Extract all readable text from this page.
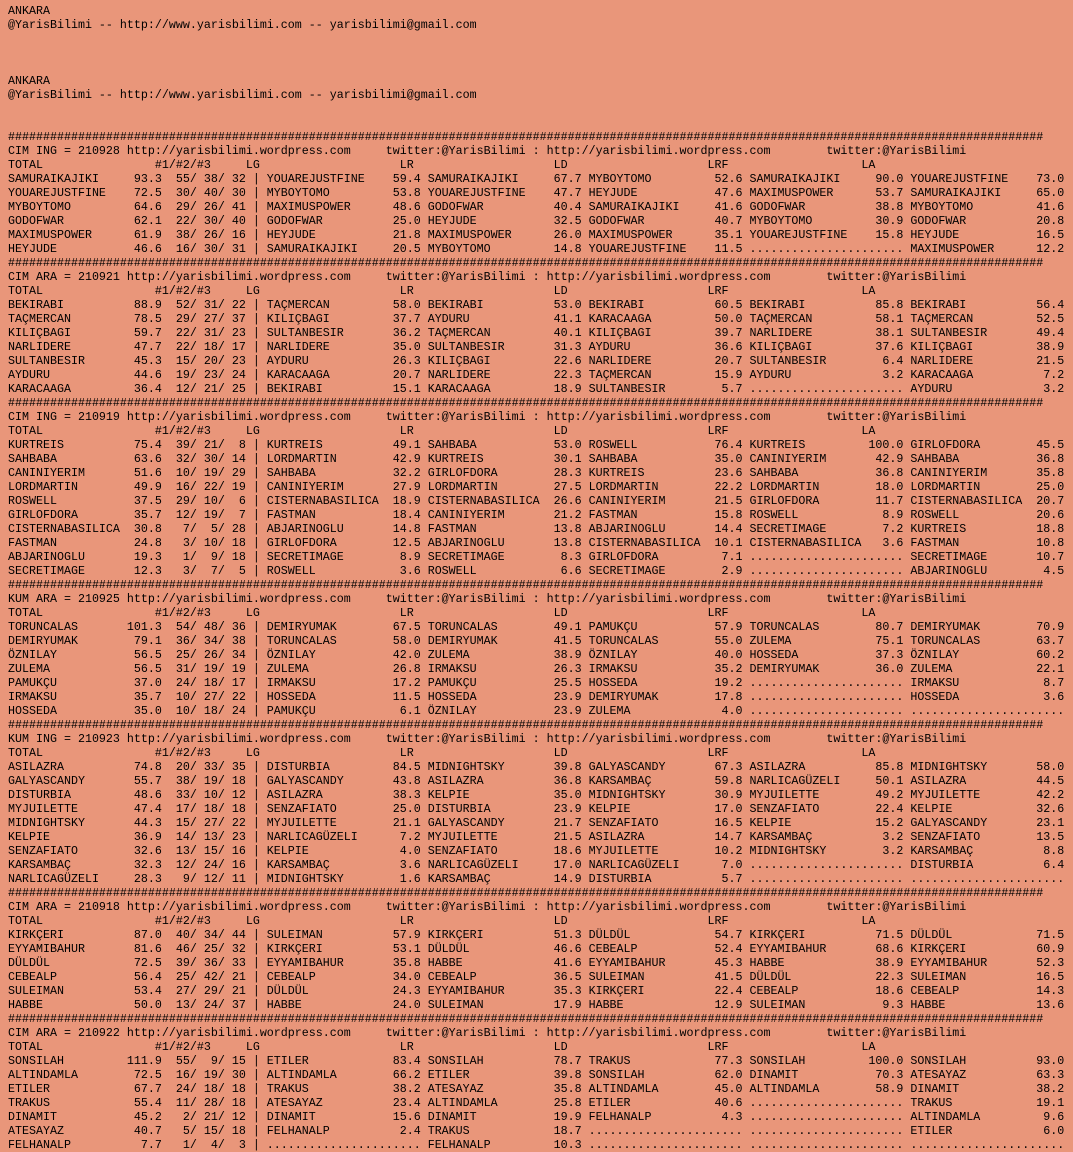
ANKARA
@YarisBilimi -- http://www.yarisbilimi.com -- yarisbilimi@gmail.com

ANKARA
@YarisBilimi -- http://www.yarisbilimi.com -- yarisbilimi@gmail.com

####################################################################################################################################################
CIM ING = 210928 http://yarisbilimi.wordpress.com     twitter:@YarisBilimi : http://yarisbilimi.wordpress.com        twitter:@YarisBilimi
TOTAL                #1/#2/#3     LG                    LR                    LD                    LRF                   LA
SAMURAIKAJIKI     93.3  55/ 38/ 32 | YOUAREJUSTFINE    59.4 SAMURAIKAJIKI     67.7 MYBOYTOMO         52.6 SAMURAIKAJIKI     90.0 YOUAREJUSTFINE    73.0
YOUAREJUSTFINE    72.5  30/ 40/ 30 | MYBOYTOMO         53.8 YOUAREJUSTFINE    47.7 HEYJUDE           47.6 MAXIMUSPOWER      53.7 SAMURAIKAJIKI     65.0
MYBOYTOMO         64.6  29/ 26/ 41 | MAXIMUSPOWER      48.6 GODOFWAR          40.4 SAMURAIKAJIKI     41.6 GODOFWAR          38.8 MYBOYTOMO         41.6
GODOFWAR          62.1  22/ 30/ 40 | GODOFWAR          25.0 HEYJUDE           32.5 GODOFWAR          40.7 MYBOYTOMO         30.9 GODOFWAR          20.8
MAXIMUSPOWER      61.9  38/ 26/ 16 | HEYJUDE           21.8 MAXIMUSPOWER      26.0 MAXIMUSPOWER      35.1 YOUAREJUSTFINE    15.8 HEYJUDE           16.5
HEYJUDE           46.6  16/ 30/ 31 | SAMURAIKAJIKI     20.5 MYBOYTOMO         14.8 YOUAREJUSTFINE    11.5 ...................... MAXIMUSPOWER      12.2
####################################################################################################################################################
CIM ARA = 210921 http://yarisbilimi.wordpress.com     twitter:@YarisBilimi : http://yarisbilimi.wordpress.com        twitter:@YarisBilimi
TOTAL                #1/#2/#3     LG                    LR                    LD                    LRF                   LA
BEKIRABI          88.9  52/ 31/ 22 | TAÇMERCAN         58.0 BEKIRABI          53.0 BEKIRABI          60.5 BEKIRABI          85.8 BEKIRABI          56.4
TAÇMERCAN         78.5  29/ 27/ 37 | KILIÇBAGI         37.7 AYDURU            41.1 KARACAAGA         50.0 TAÇMERCAN         58.1 TAÇMERCAN         52.5
KILIÇBAGI         59.7  22/ 31/ 23 | SULTANBESIR       36.2 TAÇMERCAN         40.1 KILIÇBAGI         39.7 NARLIDERE         38.1 SULTANBESIR       49.4
NARLIDERE         47.7  22/ 18/ 17 | NARLIDERE         35.0 SULTANBESIR       31.3 AYDURU            36.6 KILIÇBAGI         37.6 KILIÇBAGI         38.9
SULTANBESIR       45.3  15/ 20/ 23 | AYDURU            26.3 KILIÇBAGI         22.6 NARLIDERE         20.7 SULTANBESIR        6.4 NARLIDERE         21.5
AYDURU            44.6  19/ 23/ 24 | KARACAAGA         20.7 NARLIDERE         22.3 TAÇMERCAN         15.9 AYDURU             3.2 KARACAAGA          7.2
KARACAAGA         36.4  12/ 21/ 25 | BEKIRABI          15.1 KARACAAGA         18.9 SULTANBESIR        5.7 ...................... AYDURU             3.2
####################################################################################################################################################
CIM ING = 210919 http://yarisbilimi.wordpress.com     twitter:@YarisBilimi : http://yarisbilimi.wordpress.com        twitter:@YarisBilimi
TOTAL                #1/#2/#3     LG                    LR                    LD                    LRF                   LA
KURTREIS          75.4  39/ 21/  8 | KURTREIS          49.1 SAHBABA           53.0 ROSWELL           76.4 KURTREIS         100.0 GIRLOFDORA        45.5
SAHBABA           63.6  32/ 30/ 14 | LORDMARTIN        42.9 KURTREIS          30.1 SAHBABA           35.0 CANINIYERIM       42.9 SAHBABA           36.8
CANINIYERIM       51.6  10/ 19/ 29 | SAHBABA           32.2 GIRLOFDORA        28.3 KURTREIS          23.6 SAHBABA           36.8 CANINIYERIM       35.8
LORDMARTIN        49.9  16/ 22/ 19 | CANINIYERIM       27.9 LORDMARTIN        27.5 LORDMARTIN        22.2 LORDMARTIN        18.0 LORDMARTIN        25.0
ROSWELL           37.5  29/ 10/  6 | CISTERNABASILICA  18.9 CISTERNABASILICA  26.6 CANINIYERIM       21.5 GIRLOFDORA        11.7 CISTERNABASILICA  20.7
GIRLOFDORA        35.7  12/ 19/  7 | FASTMAN           18.4 CANINIYERIM       21.2 FASTMAN           15.8 ROSWELL            8.9 ROSWELL           20.6
CISTERNABASILICA  30.8   7/  5/ 28 | ABJARINOGLU       14.8 FASTMAN           13.8 ABJARINOGLU       14.4 SECRETIMAGE        7.2 KURTREIS          18.8
FASTMAN           24.8   3/ 10/ 18 | GIRLOFDORA        12.5 ABJARINOGLU       13.8 CISTERNABASILICA  10.1 CISTERNABASILICA   3.6 FASTMAN           10.8
ABJARINOGLU       19.3   1/  9/ 18 | SECRETIMAGE        8.9 SECRETIMAGE        8.3 GIRLOFDORA         7.1 ...................... SECRETIMAGE       10.7
SECRETIMAGE       12.3   3/  7/  5 | ROSWELL            3.6 ROSWELL            6.6 SECRETIMAGE        2.9 ...................... ABJARINOGLU        4.5
####################################################################################################################################################
KUM ARA = 210925 http://yarisbilimi.wordpress.com     twitter:@YarisBilimi : http://yarisbilimi.wordpress.com        twitter:@YarisBilimi
TOTAL                #1/#2/#3     LG                    LR                    LD                    LRF                   LA
TORUNCALAS       101.3  54/ 48/ 36 | DEMIRYUMAK        67.5 TORUNCALAS        49.1 PAMUKÇU           57.9 TORUNCALAS        80.7 DEMIRYUMAK        70.9
DEMIRYUMAK        79.1  36/ 34/ 38 | TORUNCALAS        58.0 DEMIRYUMAK        41.5 TORUNCALAS        55.0 ZULEMA            75.1 TORUNCALAS        63.7
ÖZNILAY           56.5  25/ 26/ 34 | ÖZNILAY           42.0 ZULEMA            38.9 ÖZNILAY           40.0 HOSSEDA           37.3 ÖZNILAY           60.2
ZULEMA            56.5  31/ 19/ 19 | ZULEMA            26.8 IRMAKSU           26.3 IRMAKSU           35.2 DEMIRYUMAK        36.0 ZULEMA            22.1
PAMUKÇU           37.0  24/ 18/ 17 | IRMAKSU           17.2 PAMUKÇU           25.5 HOSSEDA           19.2 ...................... IRMAKSU            8.7
IRMAKSU           35.7  10/ 27/ 22 | HOSSEDA           11.5 HOSSEDA           23.9 DEMIRYUMAK        17.8 ...................... HOSSEDA            3.6
HOSSEDA           35.0  10/ 18/ 24 | PAMUKÇU            6.1 ÖZNILAY           23.9 ZULEMA             4.0 ...................... ......................
####################################################################################################################################################
KUM ING = 210923 http://yarisbilimi.wordpress.com     twitter:@YarisBilimi : http://yarisbilimi.wordpress.com        twitter:@YarisBilimi
TOTAL                #1/#2/#3     LG                    LR                    LD                    LRF                   LA
ASILAZRA          74.8  20/ 33/ 35 | DISTURBIA         84.5 MIDNIGHTSKY       39.8 GALYASCANDY       67.3 ASILAZRA          85.8 MIDNIGHTSKY       58.0
GALYASCANDY       55.7  38/ 19/ 18 | GALYASCANDY       43.8 ASILAZRA          36.8 KARSAMBAÇ         59.8 NARLICAGÜZELI     50.1 ASILAZRA          44.5
DISTURBIA         48.6  33/ 10/ 12 | ASILAZRA          38.3 KELPIE            35.0 MIDNIGHTSKY       30.9 MYJUILETTE        49.2 MYJUILETTE        42.2
MYJUILETTE        47.4  17/ 18/ 18 | SENZAFIATO        25.0 DISTURBIA         23.9 KELPIE            17.0 SENZAFIATO        22.4 KELPIE            32.6
MIDNIGHTSKY       44.3  15/ 27/ 22 | MYJUILETTE        21.1 GALYASCANDY       21.7 SENZAFIATO        16.5 KELPIE            15.2 GALYASCANDY       23.1
KELPIE            36.9  14/ 13/ 23 | NARLICAGÜZELI      7.2 MYJUILETTE        21.5 ASILAZRA          14.7 KARSAMBAÇ          3.2 SENZAFIATO        13.5
SENZAFIATO        32.6  13/ 15/ 16 | KELPIE             4.0 SENZAFIATO        18.6 MYJUILETTE        10.2 MIDNIGHTSKY        3.2 KARSAMBAÇ          8.8
KARSAMBAÇ         32.3  12/ 24/ 16 | KARSAMBAÇ          3.6 NARLICAGÜZELI     17.0 NARLICAGÜZELI      7.0 ...................... DISTURBIA          6.4
NARLICAGÜZELI     28.3   9/ 12/ 11 | MIDNIGHTSKY        1.6 KARSAMBAÇ         14.9 DISTURBIA          5.7 ...................... ......................
####################################################################################################################################################
CIM ARA = 210918 http://yarisbilimi.wordpress.com     twitter:@YarisBilimi : http://yarisbilimi.wordpress.com        twitter:@YarisBilimi
TOTAL                #1/#2/#3     LG                    LR                    LD                    LRF                   LA
KIRKÇERI          87.0  40/ 34/ 44 | SULEIMAN          57.9 KIRKÇERI          51.3 DÜLDÜL            54.7 KIRKÇERI          71.5 DÜLDÜL            71.5
EYYAMIBAHUR       81.6  46/ 25/ 32 | KIRKÇERI          53.1 DÜLDÜL            46.6 CEBEALP           52.4 EYYAMIBAHUR       68.6 KIRKÇERI          60.9
DÜLDÜL            72.5  39/ 36/ 33 | EYYAMIBAHUR       35.8 HABBE             41.6 EYYAMIBAHUR       45.3 HABBE             38.9 EYYAMIBAHUR       52.3
CEBEALP           56.4  25/ 42/ 21 | CEBEALP           34.0 CEBEALP           36.5 SULEIMAN          41.5 DÜLDÜL            22.3 SULEIMAN          16.5
SULEIMAN          53.4  27/ 29/ 21 | DÜLDÜL            24.3 EYYAMIBAHUR       35.3 KIRKÇERI          22.4 CEBEALP           18.6 CEBEALP           14.3
HABBE             50.0  13/ 24/ 37 | HABBE             24.0 SULEIMAN          17.9 HABBE             12.9 SULEIMAN           9.3 HABBE             13.6
####################################################################################################################################################
CIM ARA = 210922 http://yarisbilimi.wordpress.com     twitter:@YarisBilimi : http://yarisbilimi.wordpress.com        twitter:@YarisBilimi
TOTAL                #1/#2/#3     LG                    LR                    LD                    LRF                   LA
SONSILAH         111.9  55/  9/ 15 | ETILER            83.4 SONSILAH          78.7 TRAKUS            77.3 SONSILAH         100.0 SONSILAH          93.0
ALTINDAMLA        72.5  16/ 19/ 30 | ALTINDAMLA        66.2 ETILER            39.8 SONSILAH          62.0 DINAMIT           70.3 ATESAYAZ          63.3
ETILER            67.7  24/ 18/ 18 | TRAKUS            38.2 ATESAYAZ          35.8 ALTINDAMLA        45.0 ALTINDAMLA        58.9 DINAMIT           38.2
TRAKUS            55.4  11/ 28/ 18 | ATESAYAZ          23.4 ALTINDAMLA        25.8 ETILER            40.6 ...................... TRAKUS            19.1
DINAMIT           45.2   2/ 21/ 12 | DINAMIT           15.6 DINAMIT           19.9 FELHANALP          4.3 ...................... ALTINDAMLA         9.6
ATESAYAZ          40.7   5/ 15/ 18 | FELHANALP          2.4 TRAKUS            18.7 ...................... ...................... ETILER             6.0
FELHANALP          7.7   1/  4/  3 | ...................... FELHANALP         10.3 ...................... ...................... ......................
